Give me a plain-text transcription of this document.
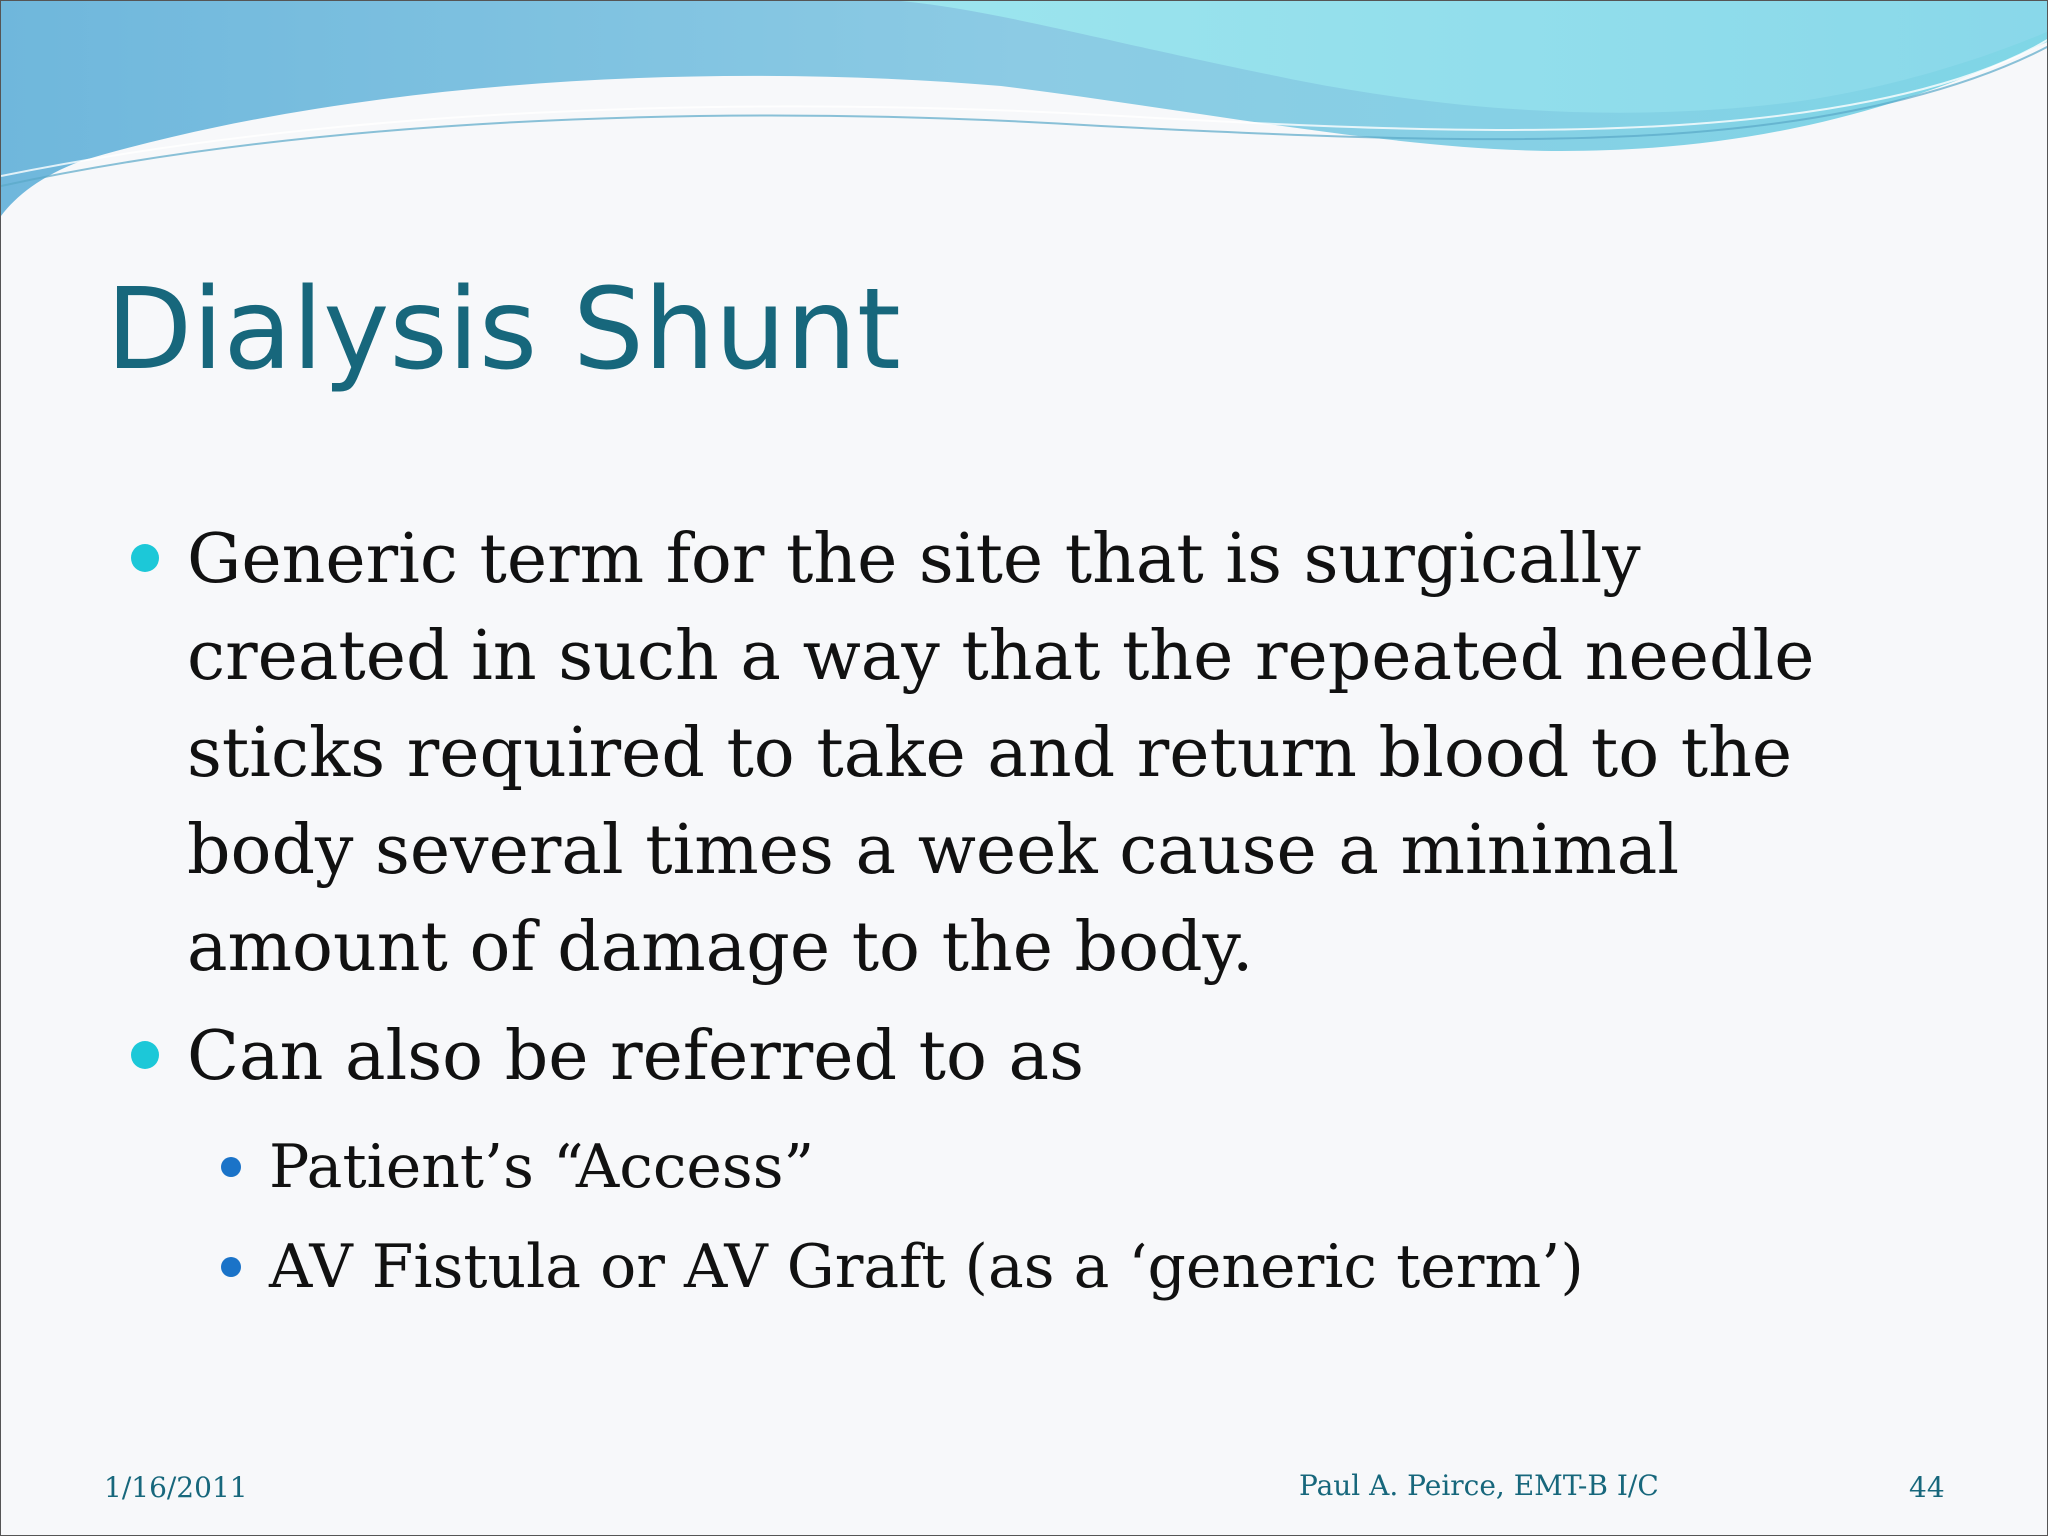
Dialysis Shunt
Generic term for the site that is surgically created in such a way that the repeated needle sticks required to take and return blood to the body several times a week cause a minimal amount of damage to the body.
Can also be referred to as
Patient’s “Access”
AV Fistula or AV Graft (as a ‘generic term’)
1/16/2011	Paul A. Peirce, EMT-B I/C	44
